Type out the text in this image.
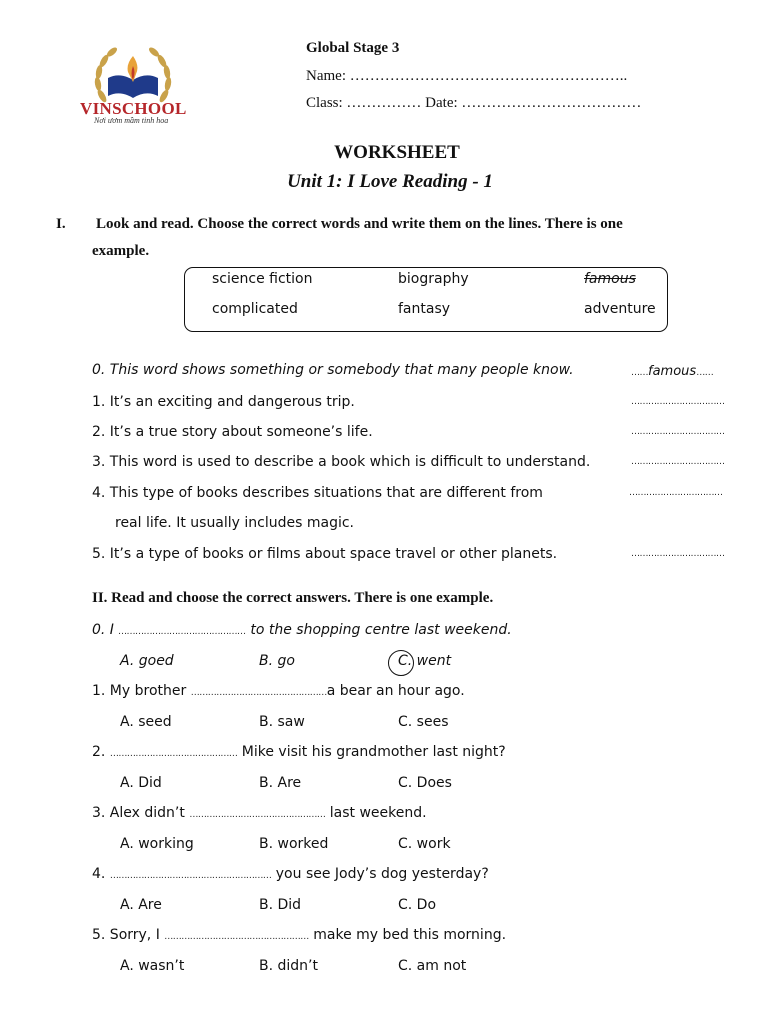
VINSCHOOL
Nơi ươm mầm tinh hoa
Global Stage 3
Name: ………………………………………………..
Class: …………… Date: ………………………………
WORKSHEET
Unit 1: I Love Reading - 1
I. Look and read. Choose the correct words and write them on the lines. There is one
example.
science fiction	biography	famous
complicated	fantasy	adventure
0. This word shows something or somebody that many people know.	……famous……
1. It’s an exciting and dangerous trip.	……………………………
2. It’s a true story about someone’s life.	……………………………
3. This word is used to describe a book which is difficult to understand.	……………………………
4. This type of books describes situations that are different from	……………………………
real life. It usually includes magic.
5. It’s a type of books or films about space travel or other planets.	……………………………
II. Read and choose the correct answers. There is one example.
0. I ……………………………………… to the shopping centre last weekend.
A. goed	B. go	C. went
1. My brother …………………………………………a bear an hour ago.
A. seed	B. saw	C. sees
2. ……………………………………… Mike visit his grandmother last night?
A. Did	B. Are	C. Does
3. Alex didn’t ………………………………………… last weekend.
A. working	B. worked	C. work
4. ………………………………………………… you see Jody’s dog yesterday?
A. Are	B. Did	C. Do
5. Sorry, I …………………………………………… make my bed this morning.
A. wasn’t	B. didn’t	C. am not
